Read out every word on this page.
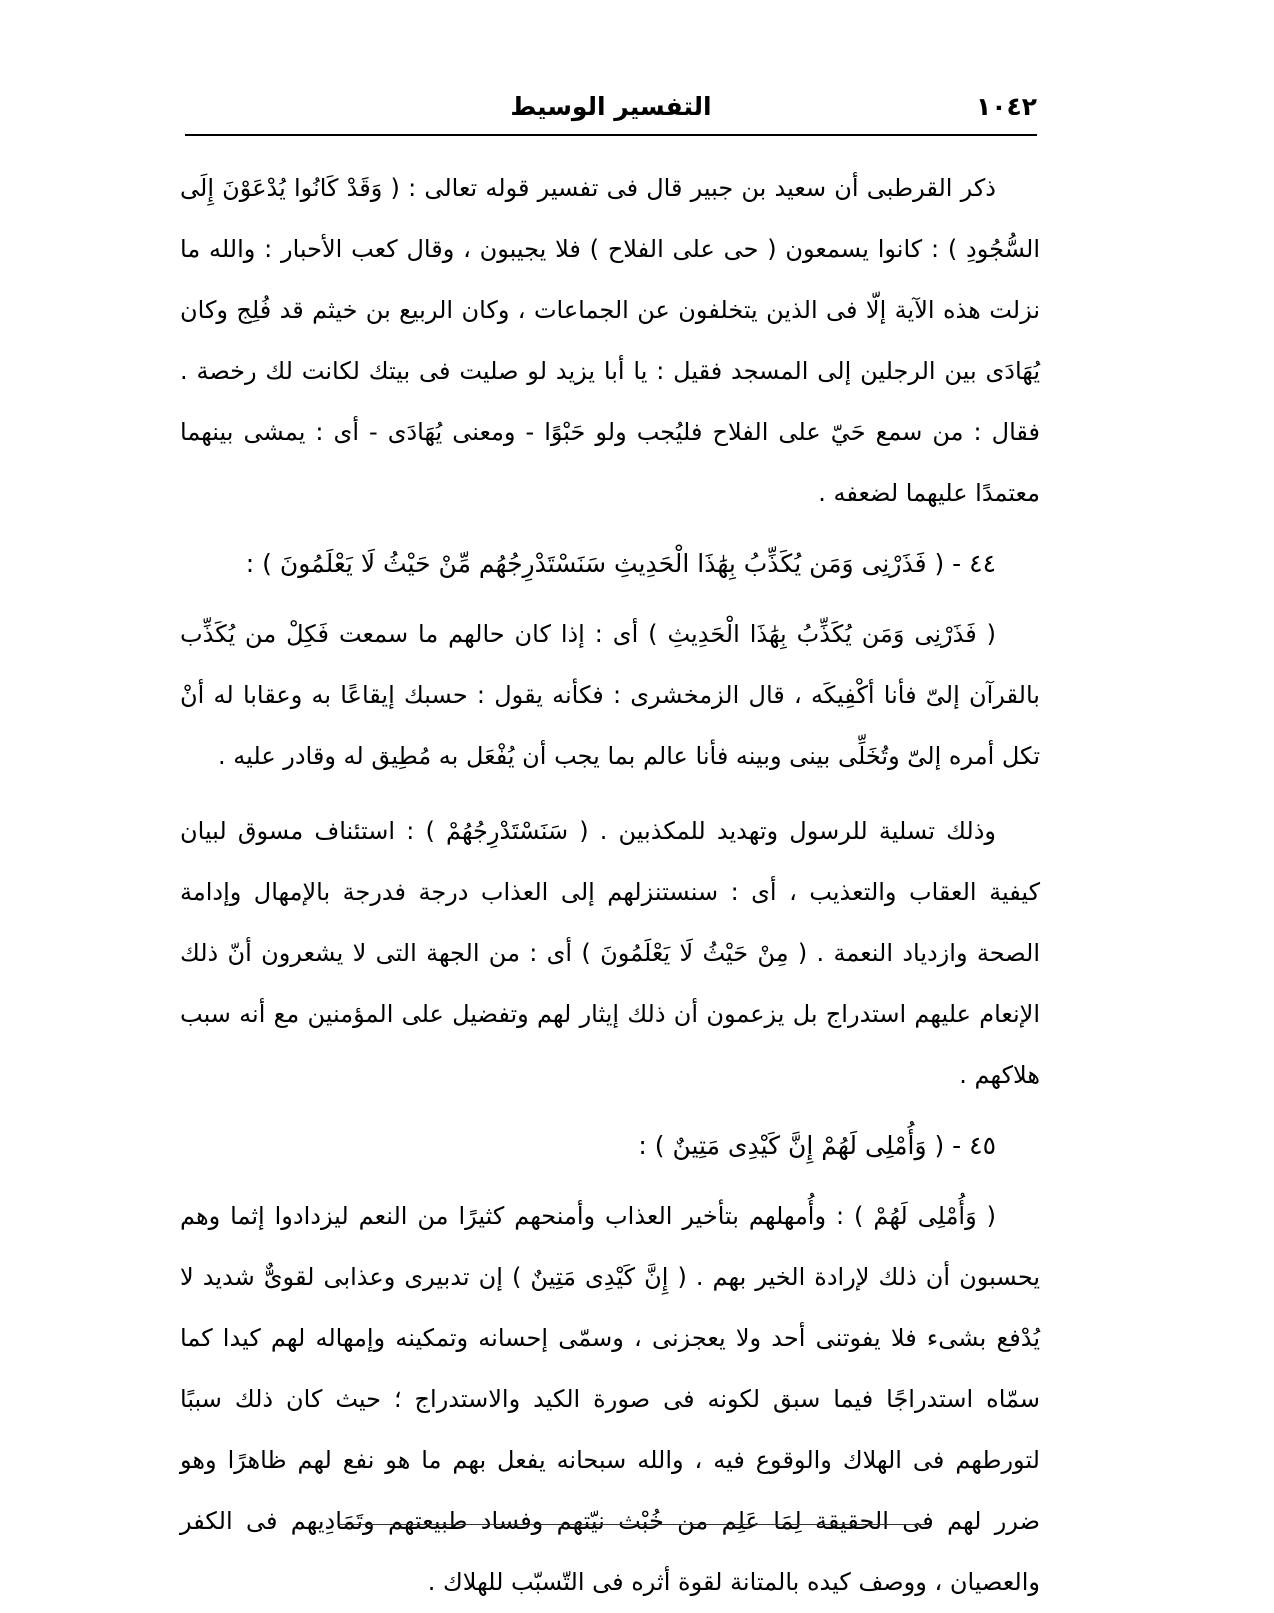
١٠٤٢
التفسير الوسيط

ذكر القرطبى أن سعيد بن جبير قال فى تفسير قوله تعالى : ( وَقَدْ كَانُوا يُدْعَوْنَ إِلَى السُّجُودِ ) : كانوا يسمعون ( حى على الفلاح ) فلا يجيبون ، وقال كعب الأحبار : والله ما نزلت هذه الآية إلّا فى الذين يتخلفون عن الجماعات ، وكان الربيع بن خيثم قد فُلِج وكان يُهَادَى بين الرجلين إلى المسجد فقيل : يا أبا يزيد لو صليت فى بيتك لكانت لك رخصة . فقال : من سمع حَيّ على الفلاح فليُجب ولو حَبْوًا - ومعنى يُهَادَى - أى : يمشى بينهما معتمدًا عليهما لضعفه .

٤٤ - ( فَذَرْنِى وَمَن يُكَذِّبُ بِهَٰذَا الْحَدِيثِ سَنَسْتَدْرِجُهُم مِّنْ حَيْثُ لَا يَعْلَمُونَ ) :

( فَذَرْنِى وَمَن يُكَذِّبُ بِهَٰذَا الْحَدِيثِ ) أى : إذا كان حالهم ما سمعت فَكِلْ من يُكَذِّب بالقرآن إلىّ فأنا أكْفِيكَه ، قال الزمخشرى : فكأنه يقول : حسبك إيقاعًا به وعقابا له أنْ تكل أمره إلىّ وتُخَلِّى بينى وبينه فأنا عالم بما يجب أن يُفْعَل به مُطِيق له وقادر عليه .

وذلك تسلية للرسول وتهديد للمكذبين . ( سَنَسْتَدْرِجُهُمْ ) : استئناف مسوق لبيان كيفية العقاب والتعذيب ، أى : سنستنزلهم إلى العذاب درجة فدرجة بالإمهال وإدامة الصحة وازدياد النعمة . ( مِنْ حَيْثُ لَا يَعْلَمُونَ ) أى : من الجهة التى لا يشعرون أنّ ذلك الإنعام عليهم استدراج بل يزعمون أن ذلك إيثار لهم وتفضيل على المؤمنين مع أنه سبب هلاكهم .

٤٥ - ( وَأُمْلِى لَهُمْ إِنَّ كَيْدِى مَتِينٌ ) :

( وَأُمْلِى لَهُمْ ) : وأُمهلهم بتأخير العذاب وأمنحهم كثيرًا من النعم ليزدادوا إثما وهم يحسبون أن ذلك لإرادة الخير بهم . ( إِنَّ كَيْدِى مَتِينٌ ) إن تدبيرى وعذابى لقوىٌّ شديد لا يُدْفع بشىء فلا يفوتنى أحد ولا يعجزنى ، وسمّى إحسانه وتمكينه وإمهاله لهم كيدا كما سمّاه استدراجًا فيما سبق لكونه فى صورة الكيد والاستدراج ؛ حيث كان ذلك سببًا لتورطهم فى الهلاك والوقوع فيه ، والله سبحانه يفعل بهم ما هو نفع لهم ظاهرًا وهو ضرر لهم فى الحقيقة لِمَا عَلِم من خُبْث نيّتهم وفساد طبيعتهم وتَمَادِيهم فى الكفر والعصيان ، ووصف كيده بالمتانة لقوة أثره فى التّسبّب للهلاك .
